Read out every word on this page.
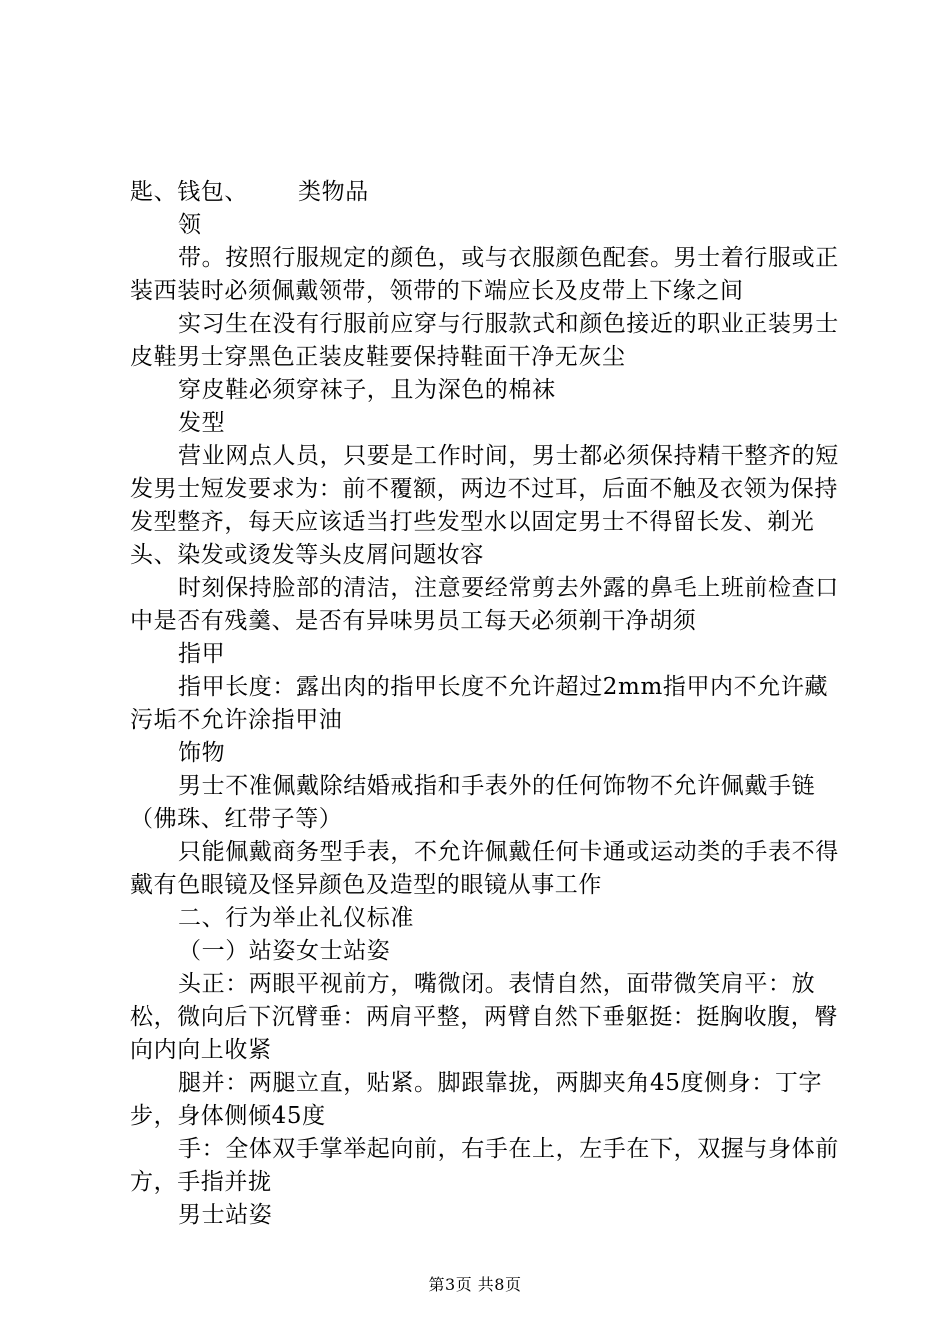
匙、钱包、 类物品

领

带。按照行服规定的颜色，或与衣服颜色配套。男士着行服或正装西装时必须佩戴领带，领带的下端应长及皮带上下缘之间

实习生在没有行服前应穿与行服款式和颜色接近的职业正装男士皮鞋男士穿黑色正装皮鞋要保持鞋面干净无灰尘

穿皮鞋必须穿袜子，且为深色的棉袜

发型

营业网点人员，只要是工作时间，男士都必须保持精干整齐的短发男士短发要求为：前不覆额，两边不过耳，后面不触及衣领为保持发型整齐，每天应该适当打些发型水以固定男士不得留长发、剃光头、染发或烫发等头皮屑问题妆容

时刻保持脸部的清洁，注意要经常剪去外露的鼻毛上班前检查口中是否有残羹、是否有异味男员工每天必须剃干净胡须

指甲

指甲长度：露出肉的指甲长度不允许超过2mm指甲内不允许藏污垢不允许涂指甲油

饰物

男士不准佩戴除结婚戒指和手表外的任何饰物不允许佩戴手链（佛珠、红带子等）

只能佩戴商务型手表，不允许佩戴任何卡通或运动类的手表不得戴有色眼镜及怪异颜色及造型的眼镜从事工作

二、行为举止礼仪标准

（一）站姿女士站姿

头正：两眼平视前方，嘴微闭。表情自然，面带微笑肩平：放松，微向后下沉臂垂：两肩平整，两臂自然下垂躯挺：挺胸收腹，臀向内向上收紧

腿并：两腿立直，贴紧。脚跟靠拢，两脚夹角45度侧身：丁字步，身体侧倾45度

手：全体双手掌举起向前，右手在上，左手在下，双握与身体前方，手指并拢

男士站姿

第3页 共8页
